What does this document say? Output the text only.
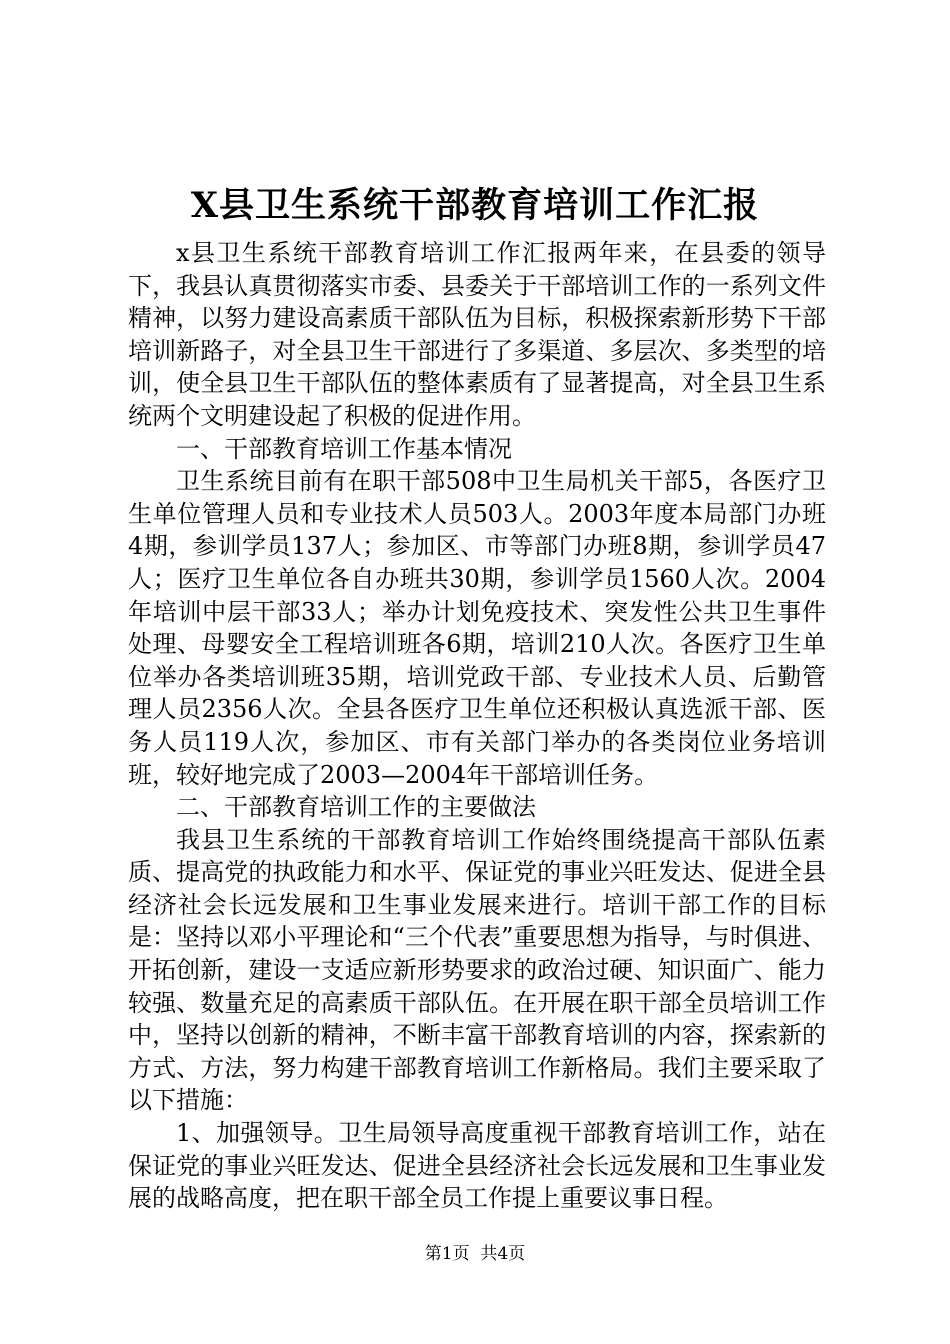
X县卫生系统干部教育培训工作汇报

x县卫生系统干部教育培训工作汇报两年来，在县委的领导下，我县认真贯彻落实市委、县委关于干部培训工作的一系列文件精神，以努力建设高素质干部队伍为目标，积极探索新形势下干部培训新路子，对全县卫生干部进行了多渠道、多层次、多类型的培训，使全县卫生干部队伍的整体素质有了显著提高，对全县卫生系统两个文明建设起了积极的促进作用。

一、干部教育培训工作基本情况

卫生系统目前有在职干部508中卫生局机关干部5，各医疗卫生单位管理人员和专业技术人员503人。2003年度本局部门办班4期，参训学员137人；参加区、市等部门办班8期，参训学员47人；医疗卫生单位各自办班共30期，参训学员1560人次。2004年培训中层干部33人；举办计划免疫技术、突发性公共卫生事件处理、母婴安全工程培训班各6期，培训210人次。各医疗卫生单位举办各类培训班35期，培训党政干部、专业技术人员、后勤管理人员2356人次。全县各医疗卫生单位还积极认真选派干部、医务人员119人次，参加区、市有关部门举办的各类岗位业务培训班，较好地完成了2003—2004年干部培训任务。

二、干部教育培训工作的主要做法

我县卫生系统的干部教育培训工作始终围绕提高干部队伍素质、提高党的执政能力和水平、保证党的事业兴旺发达、促进全县经济社会长远发展和卫生事业发展来进行。培训干部工作的目标是：坚持以邓小平理论和“三个代表”重要思想为指导，与时俱进、开拓创新，建设一支适应新形势要求的政治过硬、知识面广、能力较强、数量充足的高素质干部队伍。在开展在职干部全员培训工作中，坚持以创新的精神，不断丰富干部教育培训的内容，探索新的方式、方法，努力构建干部教育培训工作新格局。我们主要采取了以下措施：

1、加强领导。卫生局领导高度重视干部教育培训工作，站在保证党的事业兴旺发达、促进全县经济社会长远发展和卫生事业发展的战略高度，把在职干部全员工作提上重要议事日程。

第1页  共4页
